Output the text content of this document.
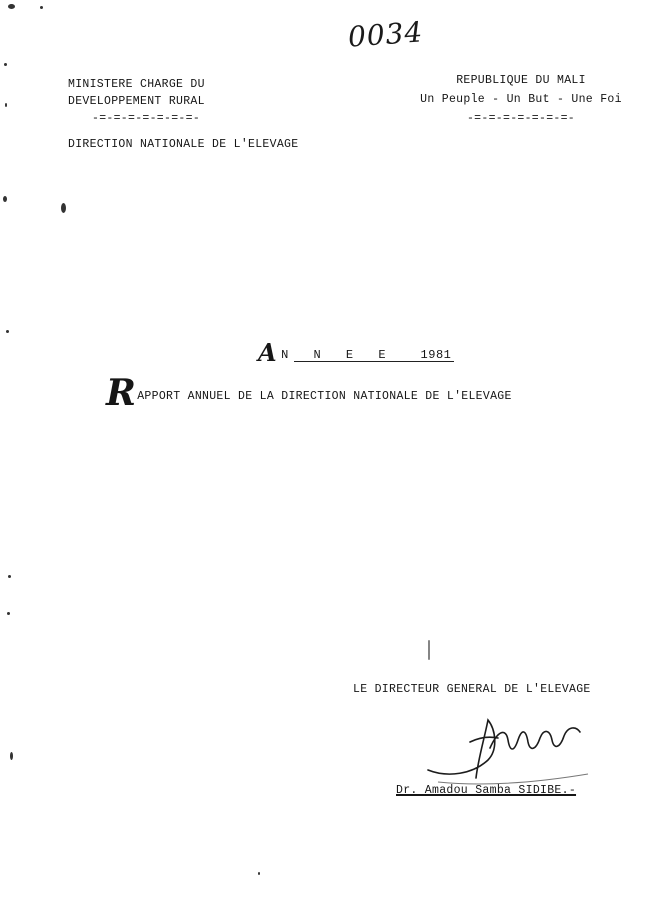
0034
MINISTERE CHARGE DU
DEVELOPPEMENT RURAL
-=-=-=-=-=-=-=-
DIRECTION NATIONALE DE L'ELEVAGE
REPUBLIQUE DU MALI
Un Peuple - Un But - Une Foi
-=-=-=-=-=-=-=-
A N N E E 1981
RAPPORT ANNUEL DE LA DIRECTION NATIONALE DE L'ELEVAGE
LE DIRECTEUR GENERAL DE L'ELEVAGE
Dr. Amadou Samba SIDIBE.-
